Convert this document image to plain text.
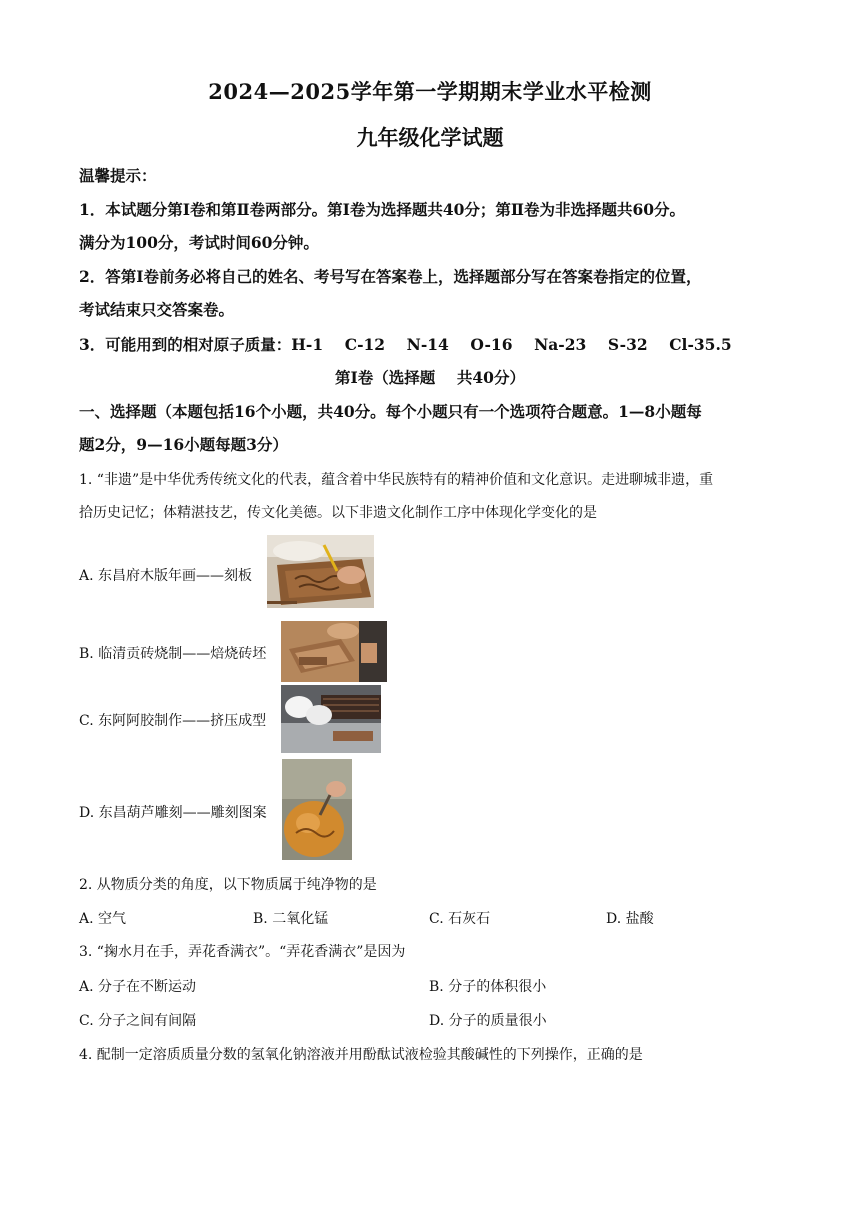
2024—2025学年第一学期期末学业水平检测
九年级化学试题
温馨提示：
1．本试题分第Ⅰ卷和第Ⅱ卷两部分。第Ⅰ卷为选择题共40分；第Ⅱ卷为非选择题共60分。
满分为100分，考试时间60分钟。
2．答第Ⅰ卷前务必将自己的姓名、考号写在答案卷上，选择题部分写在答案卷指定的位置，
考试结束只交答案卷。
3．可能用到的相对原子质量：H-1    C-12    N-14    O-16    Na-23    S-32    Cl-35.5
第Ⅰ卷（选择题    共40分）
一、选择题（本题包括16个小题，共40分。每个小题只有一个选项符合题意。1—8小题每
题2分，9—16小题每题3分）
1. “非遗”是中华优秀传统文化的代表，蕴含着中华民族特有的精神价值和文化意识。走进聊城非遗，重
拾历史记忆；体精湛技艺，传文化美德。以下非遗文化制作工序中体现化学变化的是
A. 东昌府木版年画——刻板
B. 临清贡砖烧制——焙烧砖坯
C. 东阿阿胶制作——挤压成型
D. 东昌葫芦雕刻——雕刻图案
2. 从物质分类的角度，以下物质属于纯净物的是
A. 空气	B. 二氧化锰	C. 石灰石	D. 盐酸
3. “掬水月在手，弄花香满衣”。“弄花香满衣”是因为
A. 分子在不断运动	B. 分子的体积很小
C. 分子之间有间隔	D. 分子的质量很小
4. 配制一定溶质质量分数的氢氧化钠溶液并用酚酞试液检验其酸碱性的下列操作，正确的是
